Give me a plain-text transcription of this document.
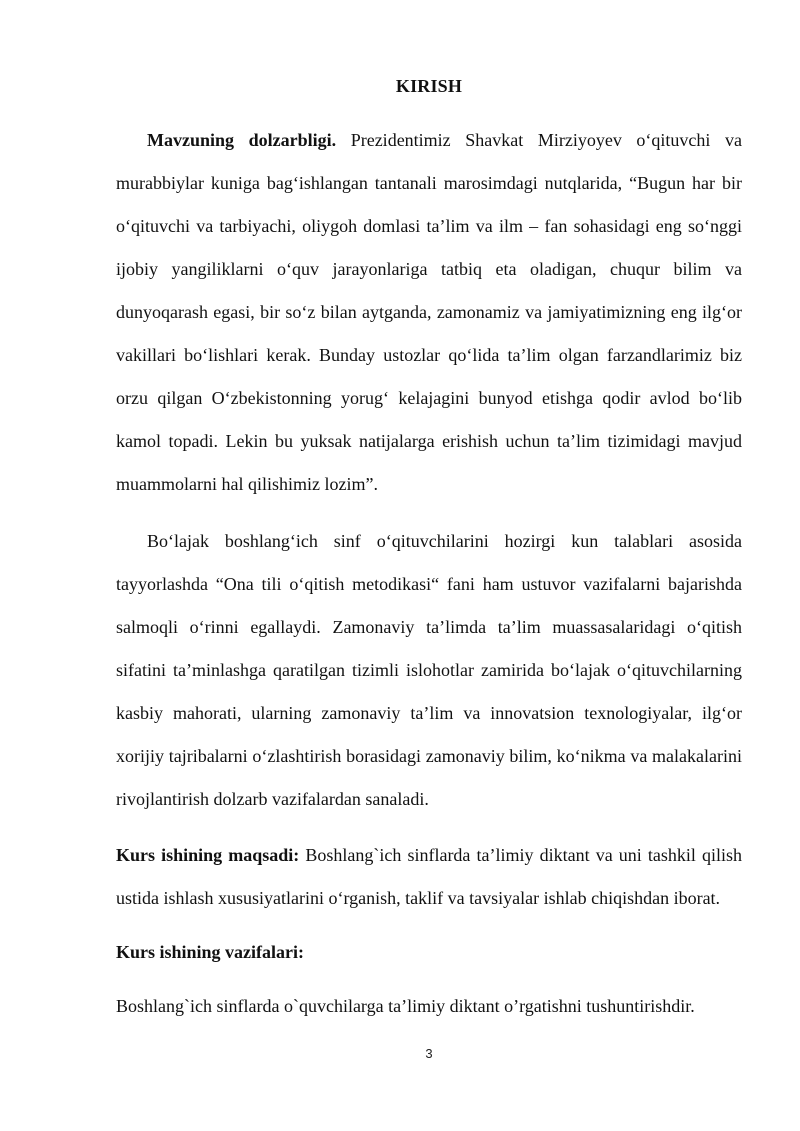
KIRISH

Mavzuning dolzarbligi. Prezidentimiz Shavkat Mirziyoyev o‘qituvchi va murabbiylar kuniga bag‘ishlangan tantanali marosimdagi nutqlarida, “Bugun har bir o‘qituvchi va tarbiyachi, oliygoh domlasi ta’lim va ilm – fan sohasidagi eng so‘nggi ijobiy yangiliklarni o‘quv jarayonlariga tatbiq eta oladigan, chuqur bilim va dunyoqarash egasi, bir so‘z bilan aytganda, zamonamiz va jamiyatimizning eng ilg‘or vakillari bo‘lishlari kerak. Bunday ustozlar qo‘lida ta’lim olgan farzandlarimiz biz orzu qilgan O‘zbekistonning yorug‘ kelajagini bunyod etishga qodir avlod bo‘lib kamol topadi. Lekin bu yuksak natijalarga erishish uchun ta’lim tizimidagi mavjud muammolarni hal qilishimiz lozim”.

Bo‘lajak boshlang‘ich sinf o‘qituvchilarini hozirgi kun talablari asosida tayyorlashda “Ona tili o‘qitish metodikasi“ fani ham ustuvor vazifalarni bajarishda salmoqli o‘rinni egallaydi. Zamonaviy ta’limda ta’lim muassasalaridagi o‘qitish sifatini ta’minlashga qaratilgan tizimli islohotlar zamirida bo‘lajak o‘qituvchilarning kasbiy mahorati, ularning zamonaviy ta’lim va innovatsion texnologiyalar, ilg‘or xorijiy tajribalarni o‘zlashtirish borasidagi zamonaviy bilim, ko‘nikma va malakalarini rivojlantirish dolzarb vazifalardan sanaladi.

Kurs ishining maqsadi: Boshlang`ich sinflarda ta’limiy diktant va uni tashkil qilish ustida ishlash xususiyatlarini o‘rganish, taklif va tavsiyalar ishlab chiqishdan iborat.

Kurs ishining vazifalari:

Boshlang`ich sinflarda o`quvchilarga ta’limiy diktant o’rgatishni tushuntirishdir.

3
